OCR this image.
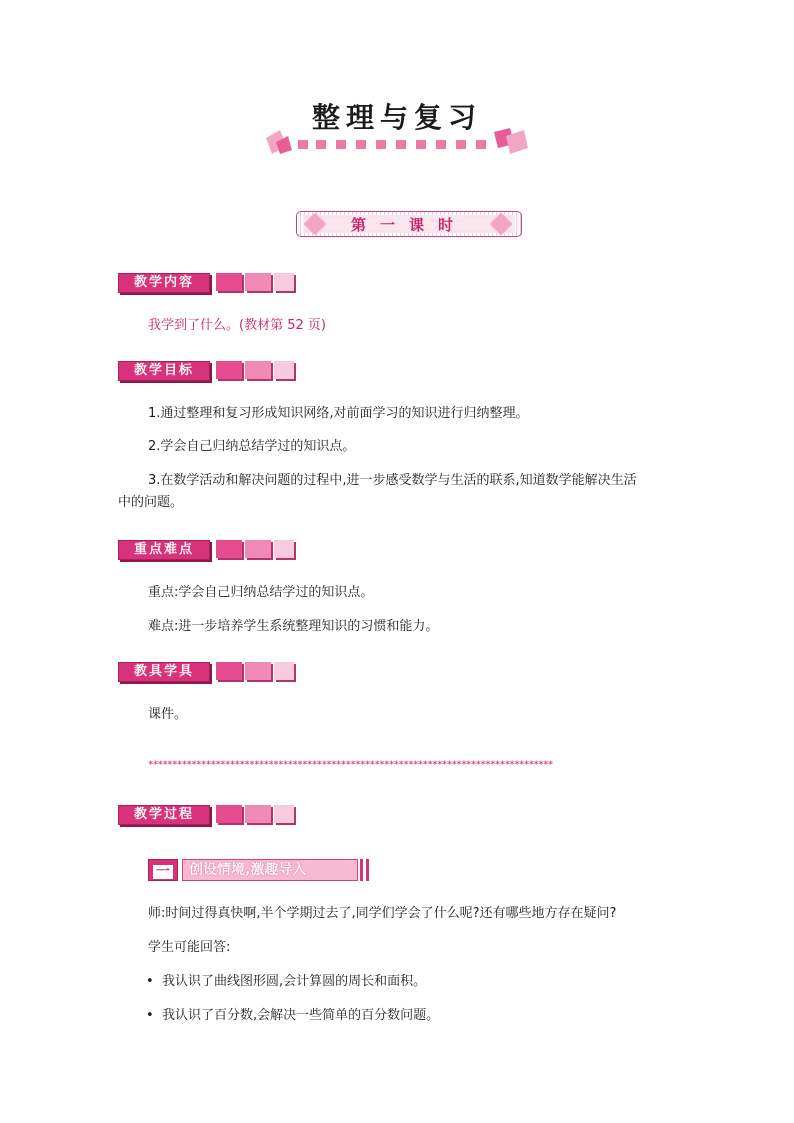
整理与复习
第一课时
教学内容
我学到了什么。(教材第 52 页)
教学目标
1.通过整理和复习形成知识网络,对前面学习的知识进行归纳整理。
2.学会自己归纳总结学过的知识点。
3.在数学活动和解决问题的过程中,进一步感受数学与生活的联系,知道数学能解决生活
中的问题。
重点难点
重点:学会自己归纳总结学过的知识点。
难点:进一步培养学生系统整理知识的习惯和能力。
教具学具
课件。
************************************************************************************
教学过程
一	创设情境,激趣导入
师:时间过得真快啊,半个学期过去了,同学们学会了什么呢?还有哪些地方存在疑问?
学生可能回答:
• 我认识了曲线图形圆,会计算圆的周长和面积。
• 我认识了百分数,会解决一些简单的百分数问题。
